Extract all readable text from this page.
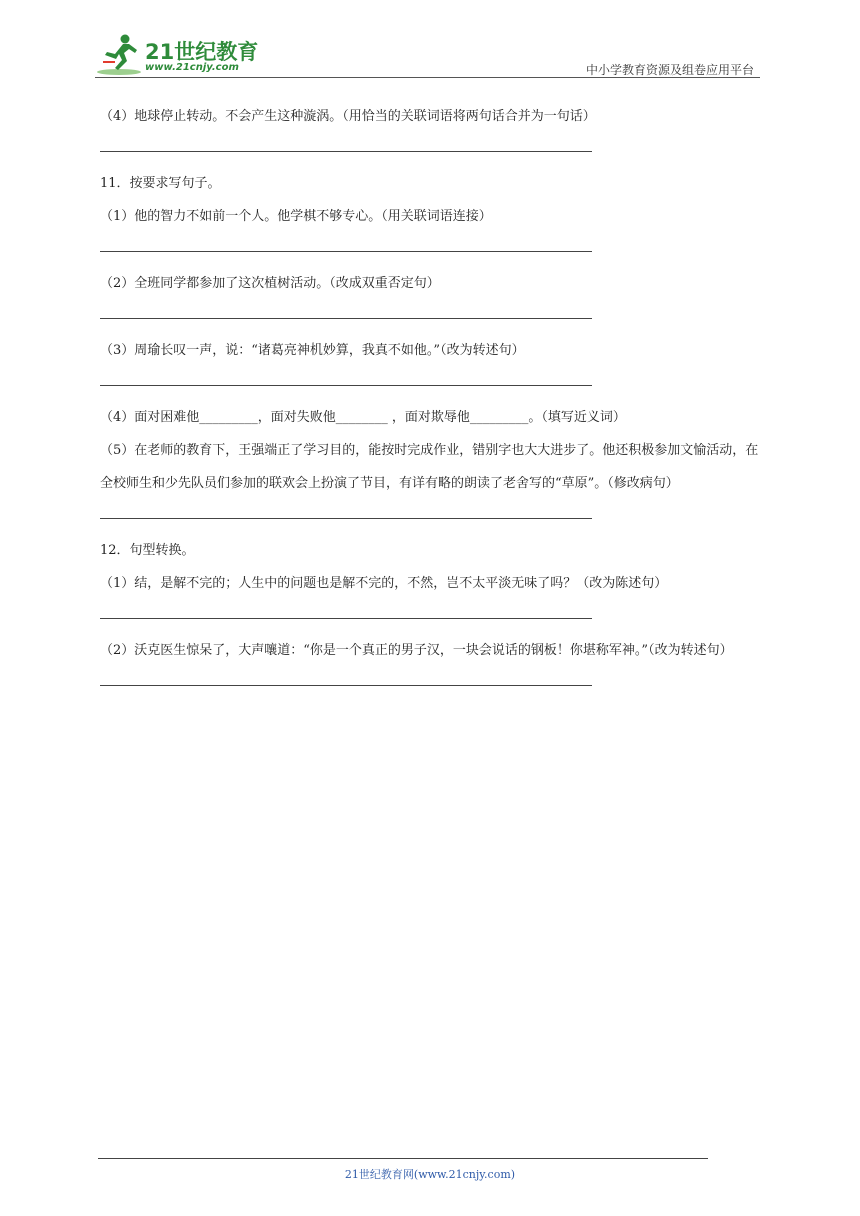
21世纪教育
www.21cnjy.com	中小学教育资源及组卷应用平台

（4）地球停止转动。不会产生这种漩涡。（用恰当的关联词语将两句话合并为一句话）

11．按要求写句子。

（1）他的智力不如前一个人。他学棋不够专心。（用关联词语连接）

（2）全班同学都参加了这次植树活动。（改成双重否定句）

（3）周瑜长叹一声，说：“诸葛亮神机妙算，我真不如他。”（改为转述句）

（4）面对困难他_________，面对失败他________ ，面对欺辱他_________。（填写近义词）

（5）在老师的教育下，王强端正了学习目的，能按时完成作业，错别字也大大进步了。他还积极参加文愉活动，在全校师生和少先队员们参加的联欢会上扮演了节目，有详有略的朗读了老舍写的“草原”。（修改病句）

12．句型转换。

（1）结，是解不完的；人生中的问题也是解不完的，不然，岂不太平淡无味了吗？（改为陈述句）

（2）沃克医生惊呆了，大声嚷道：“你是一个真正的男子汉，一块会说话的钢板！你堪称军神。”（改为转述句）

21世纪教育网(www.21cnjy.com)
